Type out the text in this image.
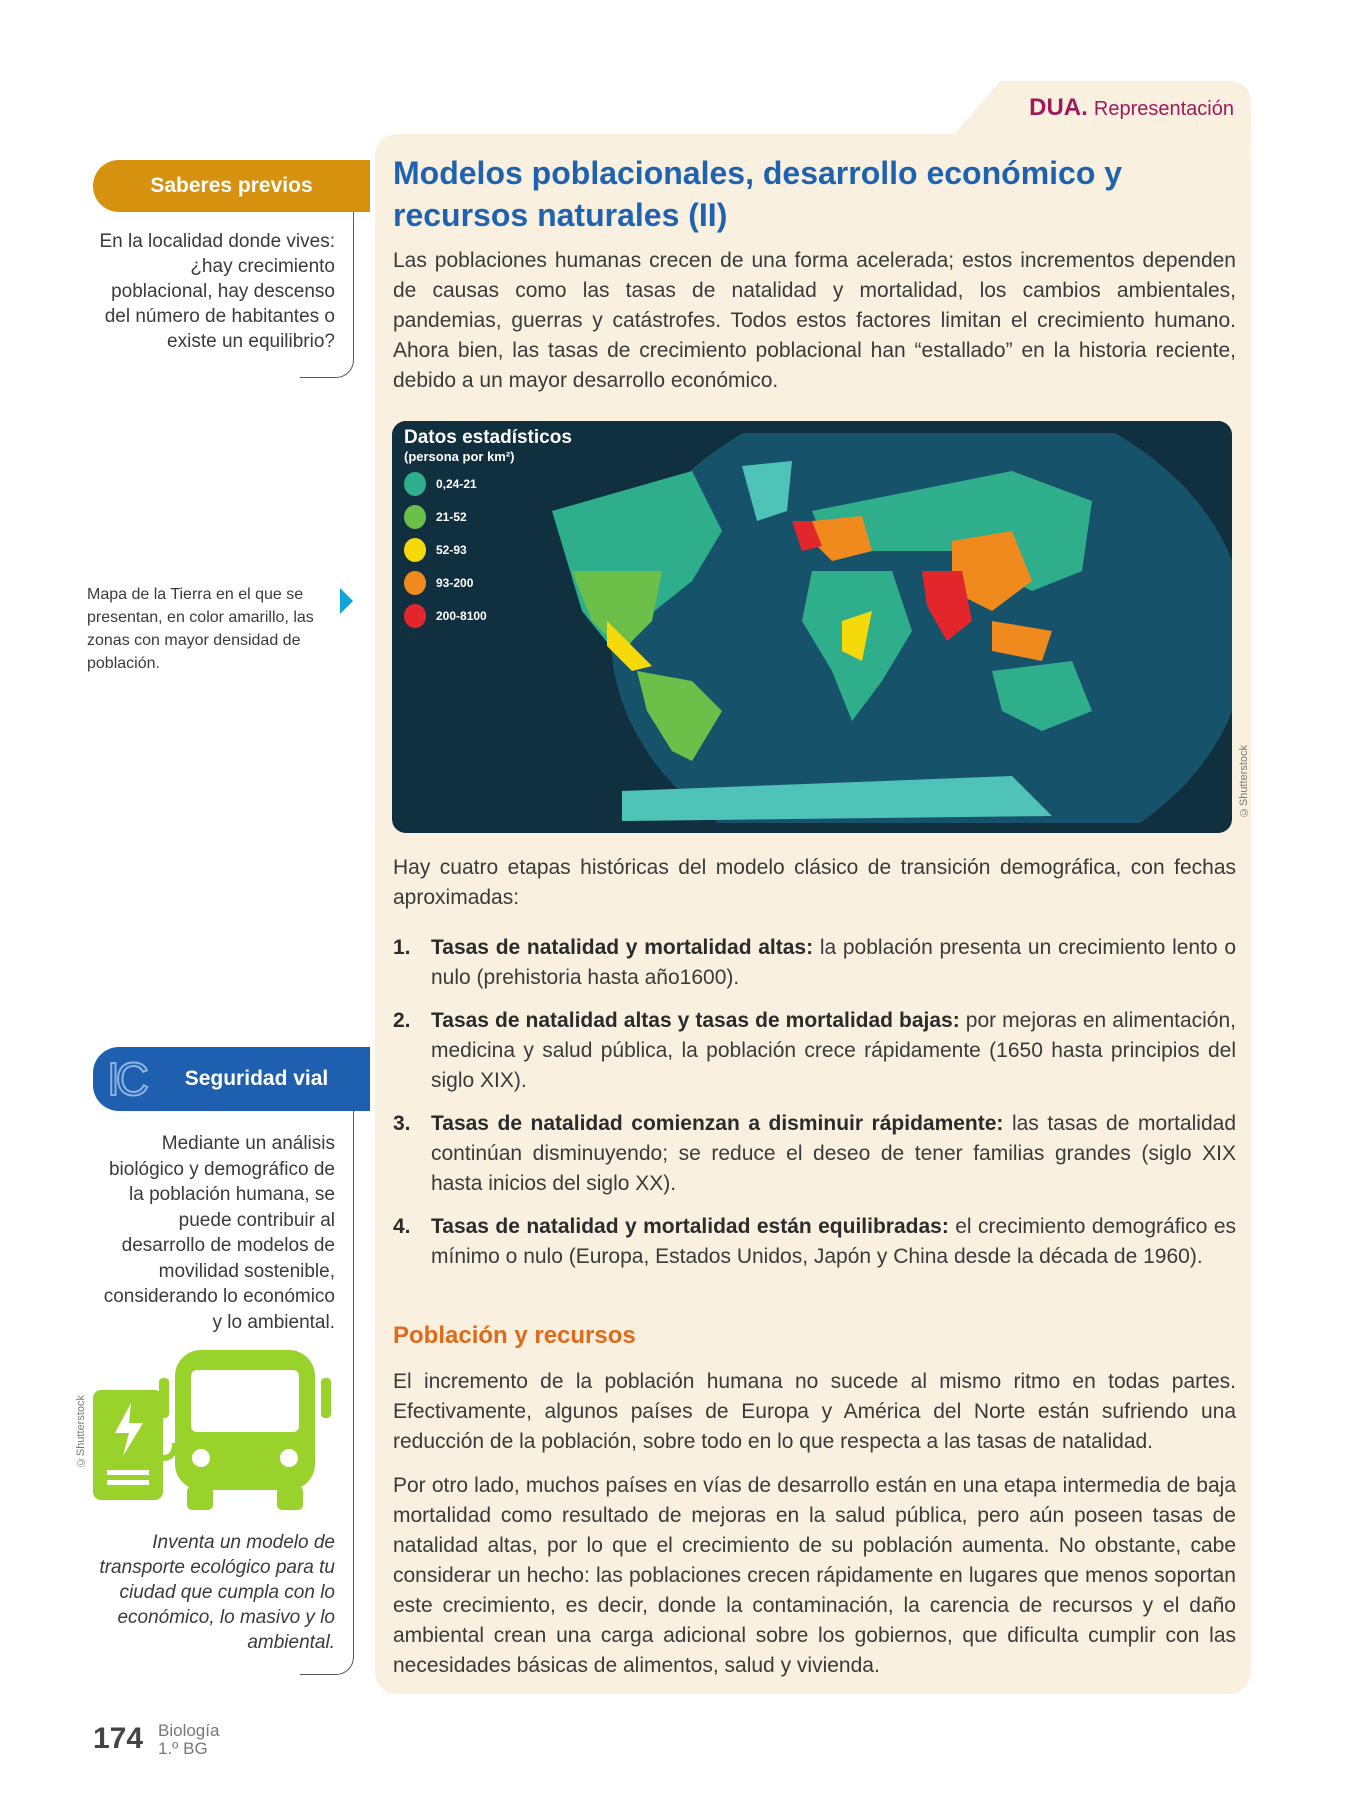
DUA. Representación
Modelos poblacionales, desarrollo económico y recursos naturales (II)

Las poblaciones humanas crecen de una forma acelerada; estos incrementos dependen de causas como las tasas de natalidad y mortalidad, los cambios ambientales, pandemias, guerras y catástrofes. Todos estos factores limitan el crecimiento humano. Ahora bien, las tasas de crecimiento poblacional han “estallado” en la historia reciente, debido a un mayor desarrollo económico.

Datos estadísticos
(persona por km²)
0,24-21
21-52
52-93
93-200
200-8100
©Shutterstock

Hay cuatro etapas históricas del modelo clásico de transición demográfica, con fechas aproximadas:

1. Tasas de natalidad y mortalidad altas: la población presenta un crecimiento lento o nulo (prehistoria hasta año1600).
2. Tasas de natalidad altas y tasas de mortalidad bajas: por mejoras en alimentación, medicina y salud pública, la población crece rápidamente (1650 hasta principios del siglo XIX).
3. Tasas de natalidad comienzan a disminuir rápidamente: las tasas de mortalidad continúan disminuyendo; se reduce el deseo de tener familias grandes (siglo XIX hasta inicios del siglo XX).
4. Tasas de natalidad y mortalidad están equilibradas: el crecimiento demográfico es mínimo o nulo (Europa, Estados Unidos, Japón y China desde la década de 1960).
Población y recursos

El incremento de la población humana no sucede al mismo ritmo en todas partes. Efectivamente, algunos países de Europa y América del Norte están sufriendo una reducción de la población, sobre todo en lo que respecta a las tasas de natalidad.

Por otro lado, muchos países en vías de desarrollo están en una etapa intermedia de baja mortalidad como resultado de mejoras en la salud pública, pero aún poseen tasas de natalidad altas, por lo que el crecimiento de su población aumenta. No obstante, cabe considerar un hecho: las poblaciones crecen rápidamente en lugares que menos soportan este crecimiento, es decir, donde la contaminación, la carencia de recursos y el daño ambiental crean una carga adicional sobre los gobiernos, que dificulta cumplir con las necesidades básicas de alimentos, salud y vivienda.

Saberes previos

En la localidad donde vives: ¿hay crecimiento poblacional, hay descenso del número de habitantes o existe un equilibrio?

Mapa de la Tierra en el que se presentan, en color amarillo, las zonas con mayor densidad de población.

IC Seguridad vial

Mediante un análisis biológico y demográfico de la población humana, se puede contribuir al desarrollo de modelos de movilidad sostenible, considerando lo económico y lo ambiental.

©Shutterstock

Inventa un modelo de transporte ecológico para tu ciudad que cumpla con lo económico, lo masivo y lo ambiental.

174 Biología
1.º BG
